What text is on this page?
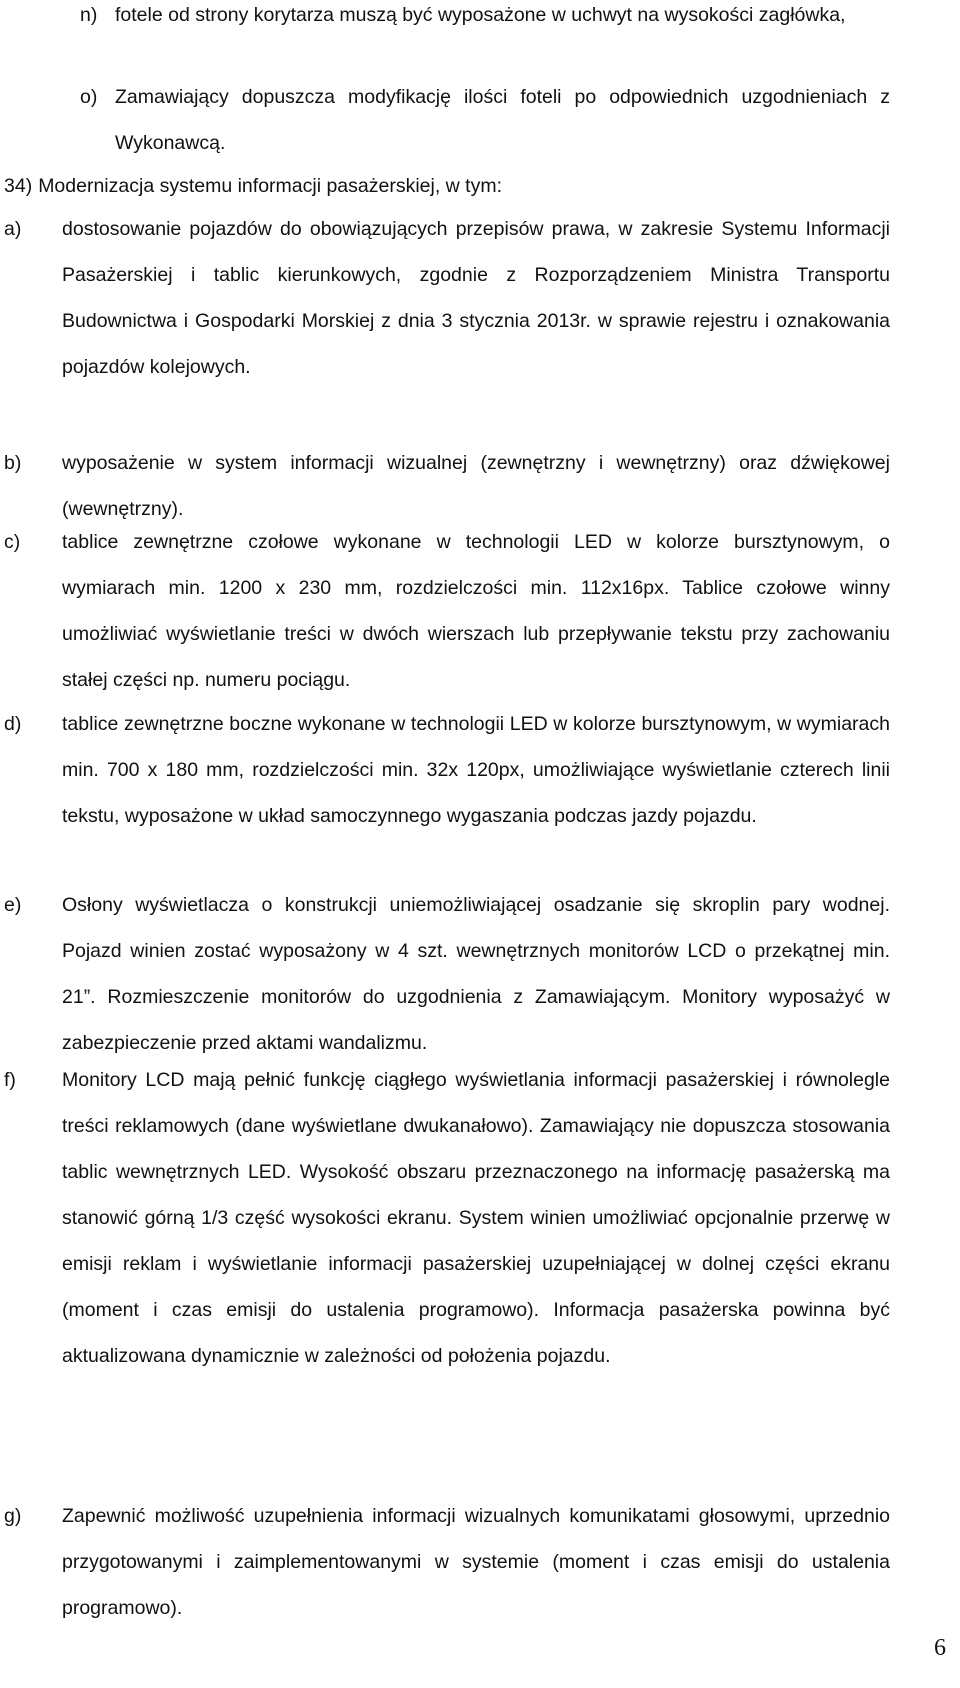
n) fotele od strony korytarza muszą być wyposażone w uchwyt na wysokości zagłówka,
o) Zamawiający dopuszcza modyfikację ilości foteli po odpowiednich uzgodnieniach z Wykonawcą.
34) Modernizacja systemu informacji pasażerskiej, w tym:
a)	dostosowanie pojazdów do obowiązujących przepisów prawa, w zakresie Systemu Informacji Pasażerskiej i tablic kierunkowych, zgodnie z Rozporządzeniem Ministra Transportu Budownictwa i Gospodarki Morskiej z dnia 3 stycznia 2013r. w sprawie rejestru i oznakowania pojazdów kolejowych.
b)	wyposażenie w system informacji wizualnej (zewnętrzny i wewnętrzny) oraz dźwiękowej (wewnętrzny).
c)	tablice zewnętrzne czołowe wykonane w technologii LED w kolorze bursztynowym, o wymiarach min. 1200 x 230 mm, rozdzielczości min. 112x16px. Tablice czołowe winny umożliwiać wyświetlanie treści w dwóch wierszach lub przepływanie tekstu przy zachowaniu stałej części np. numeru pociągu.
d)	tablice zewnętrzne boczne wykonane w technologii LED w kolorze bursztynowym, w wymiarach min. 700 x 180 mm, rozdzielczości min. 32x 120px, umożliwiające wyświetlanie czterech linii tekstu, wyposażone w układ samoczynnego wygaszania podczas jazdy pojazdu.
e)	Osłony wyświetlacza o konstrukcji uniemożliwiającej osadzanie się skroplin pary wodnej. Pojazd winien zostać wyposażony w 4 szt. wewnętrznych monitorów LCD o przekątnej min. 21”. Rozmieszczenie monitorów do uzgodnienia z Zamawiającym. Monitory wyposażyć w zabezpieczenie przed aktami wandalizmu.
f)	Monitory LCD mają pełnić funkcję ciągłego wyświetlania informacji pasażerskiej i równolegle treści reklamowych (dane wyświetlane dwukanałowo). Zamawiający nie dopuszcza stosowania tablic wewnętrznych LED. Wysokość obszaru przeznaczonego na informację pasażerską ma stanowić górną 1/3 część wysokości ekranu. System winien umożliwiać opcjonalnie przerwę w emisji reklam i wyświetlanie informacji pasażerskiej uzupełniającej w dolnej części ekranu (moment i czas emisji do ustalenia programowo). Informacja pasażerska powinna być aktualizowana dynamicznie w zależności od położenia pojazdu.
g)	Zapewnić możliwość uzupełnienia informacji wizualnych komunikatami głosowymi, uprzednio przygotowanymi i zaimplementowanymi w systemie (moment i czas emisji do ustalenia programowo).
6
